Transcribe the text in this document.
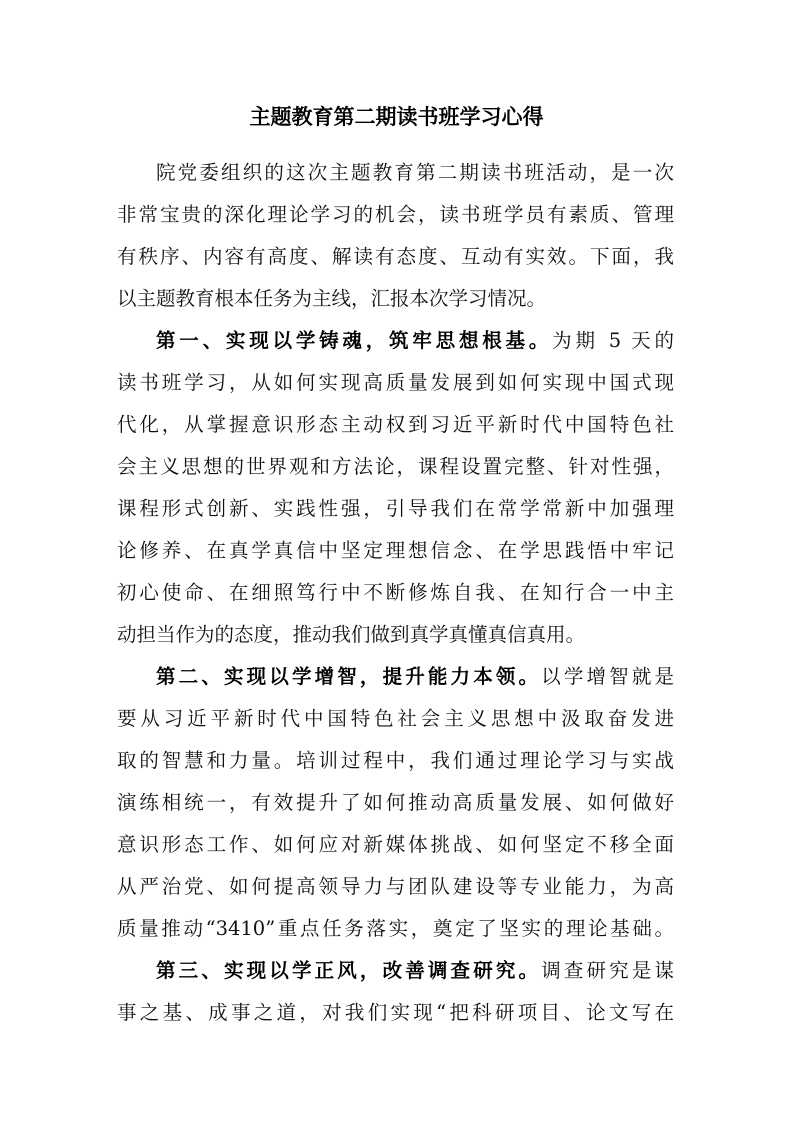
主题教育第二期读书班学习心得
院党委组织的这次主题教育第二期读书班活动，是一次
非常宝贵的深化理论学习的机会，读书班学员有素质、管理
有秩序、内容有高度、解读有态度、互动有实效。下面，我
以主题教育根本任务为主线，汇报本次学习情况。
第一、实现以学铸魂，筑牢思想根基。为期 5 天的
读书班学习，从如何实现高质量发展到如何实现中国式现
代化，从掌握意识形态主动权到习近平新时代中国特色社
会主义思想的世界观和方法论，课程设置完整、针对性强，
课程形式创新、实践性强，引导我们在常学常新中加强理
论修养、在真学真信中坚定理想信念、在学思践悟中牢记
初心使命、在细照笃行中不断修炼自我、在知行合一中主
动担当作为的态度，推动我们做到真学真懂真信真用。
第二、实现以学增智，提升能力本领。以学增智就是
要从习近平新时代中国特色社会主义思想中汲取奋发进
取的智慧和力量。培训过程中，我们通过理论学习与实战
演练相统一，有效提升了如何推动高质量发展、如何做好
意识形态工作、如何应对新媒体挑战、如何坚定不移全面
从严治党、如何提高领导力与团队建设等专业能力，为高
质量推动“3410”重点任务落实，奠定了坚实的理论基础。
第三、实现以学正风，改善调查研究。调查研究是谋
事之基、成事之道，对我们实现“把科研项目、论文写在
